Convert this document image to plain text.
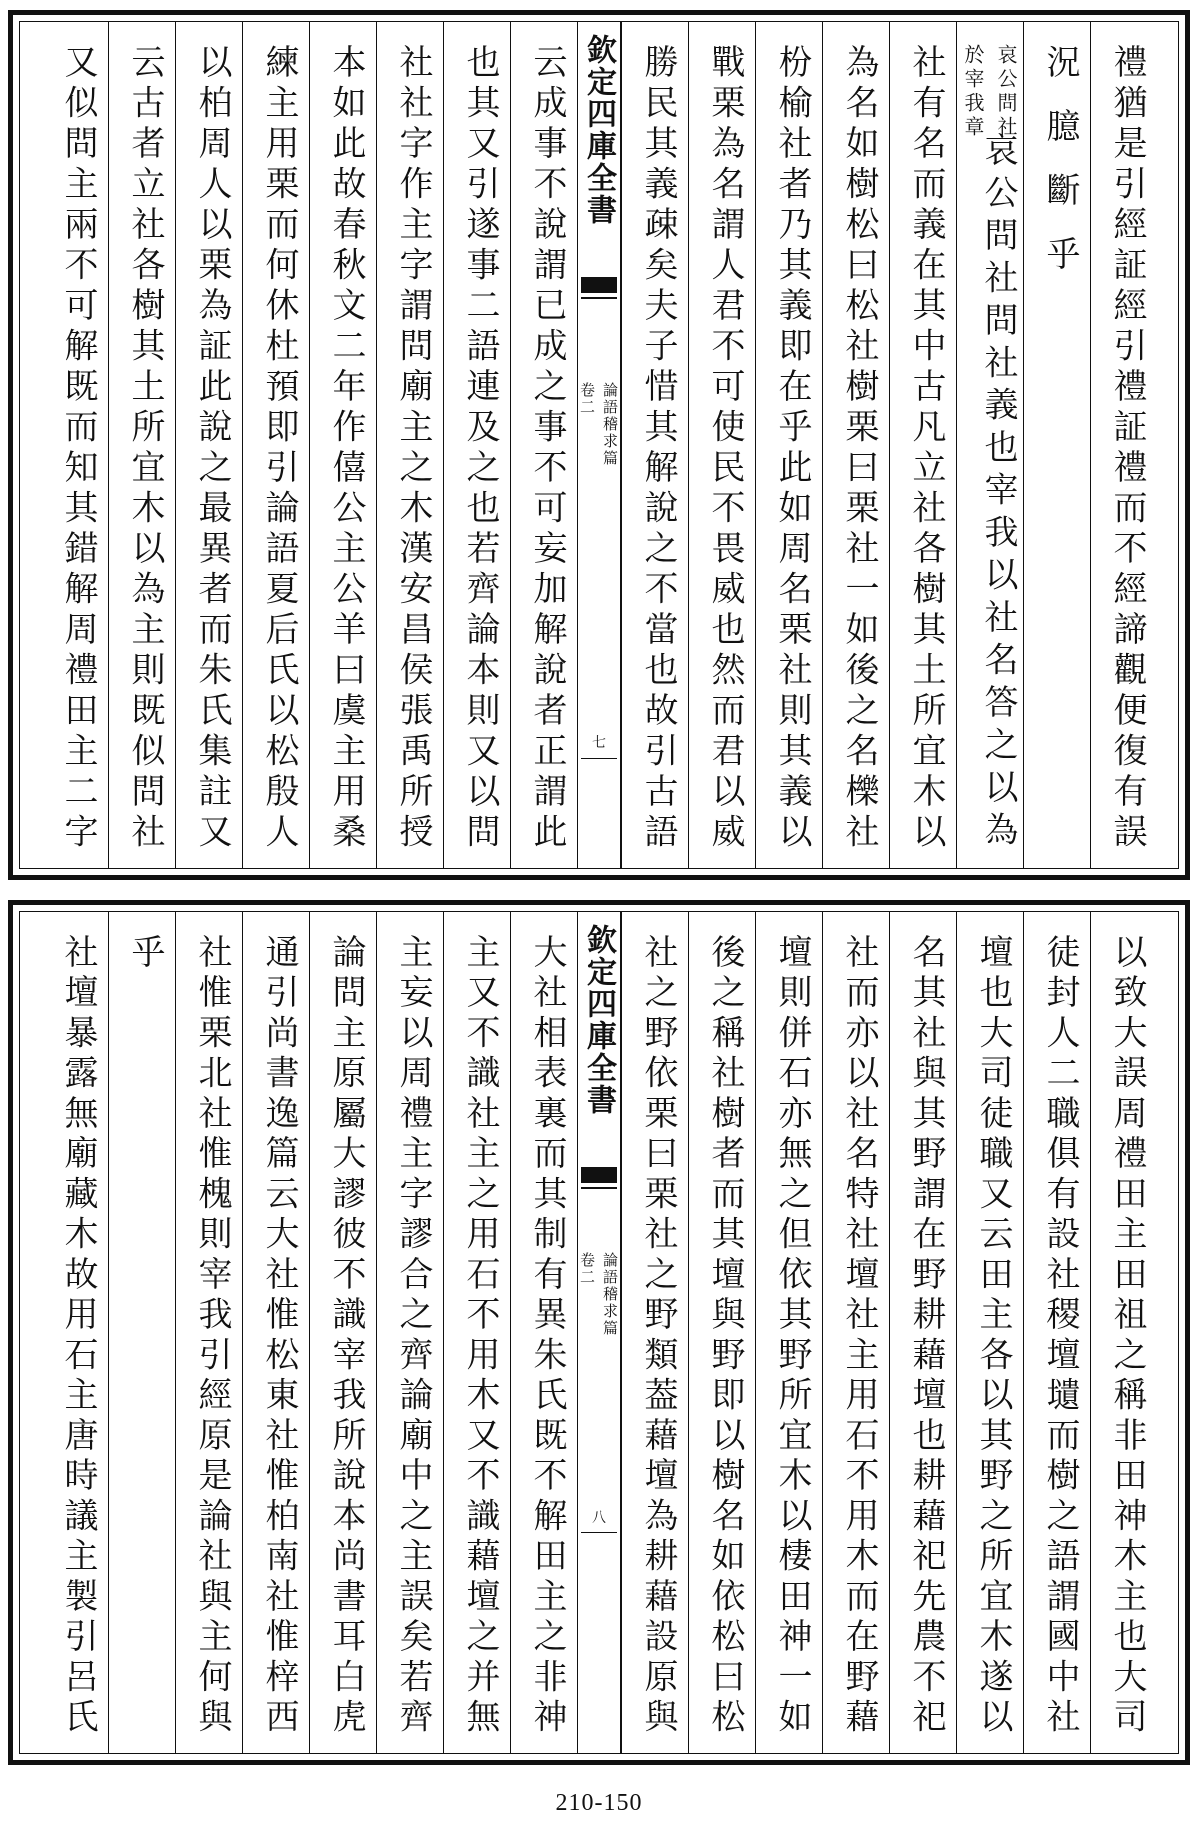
禮猶是引經証經引禮証禮而不經諦觀便復有誤
況臆斷乎
哀公問社
於宰我章
哀公問社問社義也宰我以社名答之以為
社有名而義在其中古凡立社各樹其土所宜木以
為名如樹松曰松社樹栗曰栗社一如後之名櫟社
枌榆社者乃其義即在乎此如周名栗社則其義以
戰栗為名謂人君不可使民不畏威也然而君以威
勝民其義疎矣夫子惜其解說之不當也故引古語
欽定四庫全書
論語稽求篇
卷二
七
云成事不說謂已成之事不可妄加解說者正謂此
也其又引遂事二語連及之也若齊論本則又以問
社社字作主字謂問廟主之木漢安昌侯張禹所授
本如此故春秋文二年作僖公主公羊曰虞主用桑
練主用栗而何休杜預即引論語夏后氏以松殷人
以柏周人以栗為証此說之最異者而朱氏集註又
云古者立社各樹其土所宜木以為主則既似問社
又似問主兩不可解既而知其錯解周禮田主二字
以致大誤周禮田主田祖之稱非田神木主也大司
徒封人二職俱有設社稷壇壝而樹之語謂國中社
壇也大司徒職又云田主各以其野之所宜木遂以
名其社與其野謂在野耕藉壇也耕藉祀先農不祀
社而亦以社名特社壇社主用石不用木而在野藉
壇則併石亦無之但依其野所宜木以棲田神一如
後之稱社樹者而其壇與野即以樹名如依松曰松
社之野依栗曰栗社之野類葢藉壇為耕藉設原與
欽定四庫全書
論語稽求篇
卷二
八
大社相表裏而其制有異朱氏既不解田主之非神
主又不識社主之用石不用木又不識藉壇之并無
主妄以周禮主字謬合之齊論廟中之主誤矣若齊
論問主原屬大謬彼不識宰我所說本尚書耳白虎
通引尚書逸篇云大社惟松東社惟柏南社惟梓西
社惟栗北社惟槐則宰我引經原是論社與主何與
乎
社壇暴露無廟藏木故用石主唐時議主製引呂氏
210-150
